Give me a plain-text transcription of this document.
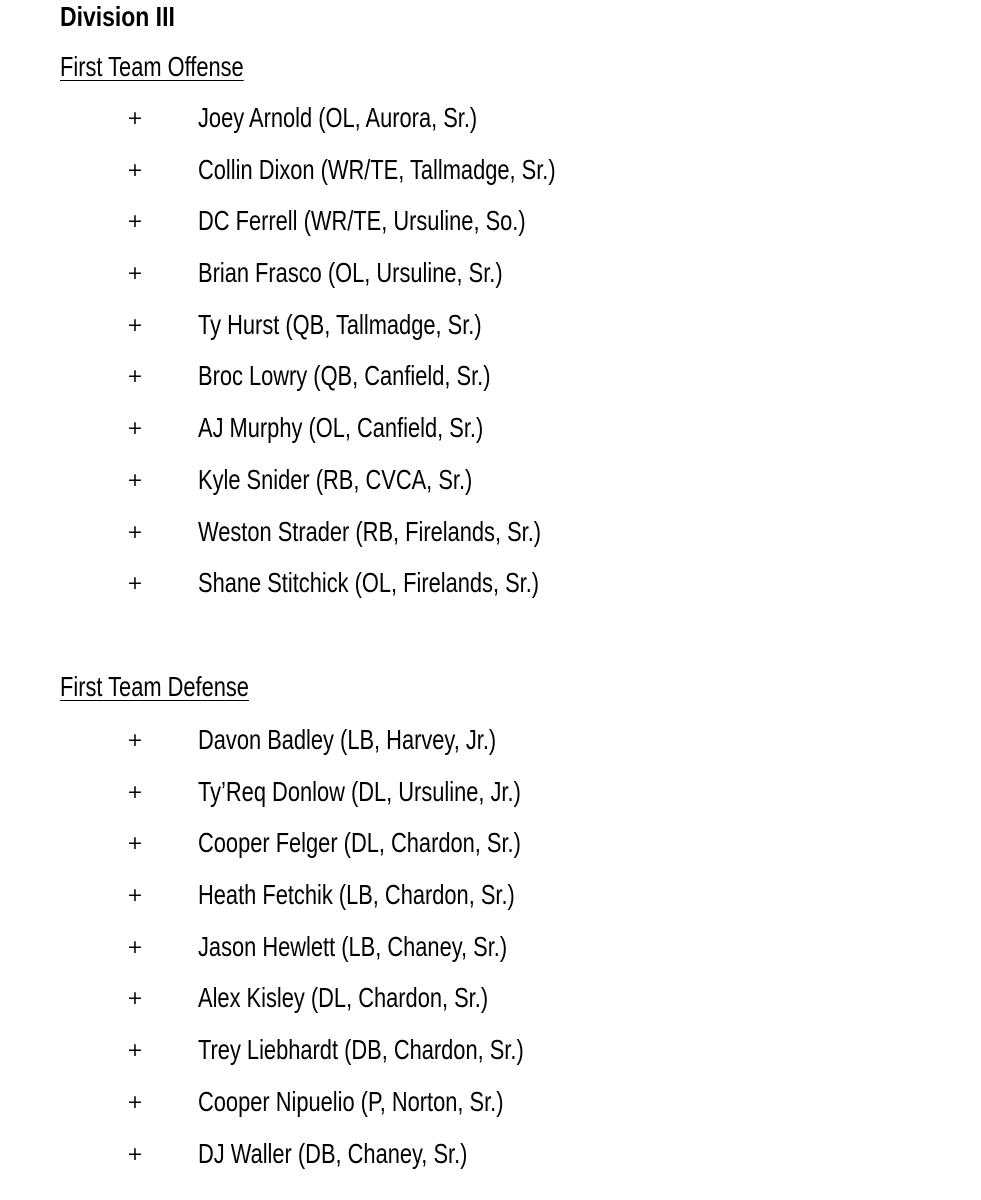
Division III
First Team Offense
+ Joey Arnold (OL, Aurora, Sr.)
+ Collin Dixon (WR/TE, Tallmadge, Sr.)
+ DC Ferrell (WR/TE, Ursuline, So.)
+ Brian Frasco (OL, Ursuline, Sr.)
+ Ty Hurst (QB, Tallmadge, Sr.)
+ Broc Lowry (QB, Canfield, Sr.)
+ AJ Murphy (OL, Canfield, Sr.)
+ Kyle Snider (RB, CVCA, Sr.)
+ Weston Strader (RB, Firelands, Sr.)
+ Shane Stitchick (OL, Firelands, Sr.)
First Team Defense
+ Davon Badley (LB, Harvey, Jr.)
+ Ty’Req Donlow (DL, Ursuline, Jr.)
+ Cooper Felger (DL, Chardon, Sr.)
+ Heath Fetchik (LB, Chardon, Sr.)
+ Jason Hewlett (LB, Chaney, Sr.)
+ Alex Kisley (DL, Chardon, Sr.)
+ Trey Liebhardt (DB, Chardon, Sr.)
+ Cooper Nipuelio (P, Norton, Sr.)
+ DJ Waller (DB, Chaney, Sr.)
